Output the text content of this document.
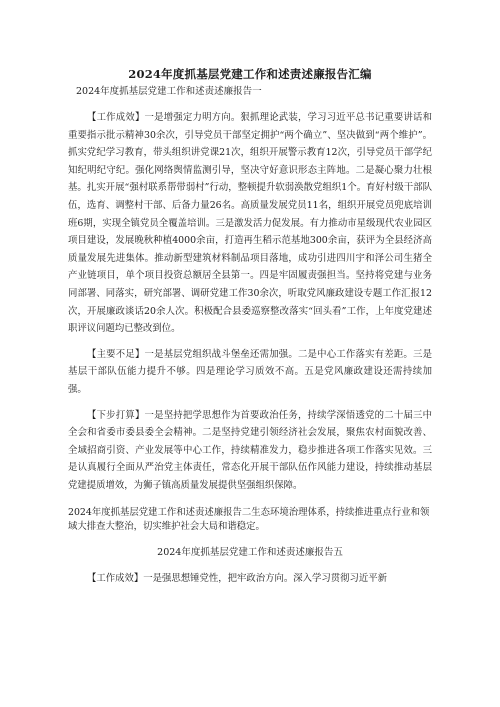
2024年度抓基层党建工作和述责述廉报告汇编

2024年度抓基层党建工作和述责述廉报告一

【工作成效】一是增强定力明方向。狠抓理论武装，学习习近平总书记重要讲话和重要指示批示精神30余次，引导党员干部坚定拥护“两个确立”、坚决做到“两个维护”。抓实党纪学习教育，带头组织讲党课21次，组织开展警示教育12次，引导党员干部学纪知纪明纪守纪。强化网络舆情监测引导，坚决守好意识形态主阵地。二是凝心聚力壮根基。扎实开展“强村联系帮带弱村”行动，整顿提升软弱涣散党组织1个。育好村级干部队伍，选育、调整村干部、后备力量26名。高质量发展党员11名，组织开展党员兜底培训班6期，实现全镇党员全覆盖培训。三是激发活力促发展。有力推动市星级现代农业园区项目建设，发展晚秋种植4000余亩，打造再生稻示范基地300余亩，获评为全县经济高质量发展先进集体。推动新型建筑材料制品项目落地，成功引进四川宇和泽公司生猪全产业链项目，单个项目投资总额居全县第一。四是牢固履责强担当。坚持将党建与业务同部署、同落实，研究部署、调研党建工作30余次，听取党风廉政建设专题工作汇报12次，开展廉政谈话20余人次。积极配合县委巡察整改落实“回头看”工作，上年度党建述职评议问题均已整改到位。

【主要不足】一是基层党组织战斗堡垒还需加强。二是中心工作落实有差距。三是基层干部队伍能力提升不够。四是理论学习质效不高。五是党风廉政建设还需持续加强。

【下步打算】一是坚持把学思想作为首要政治任务，持续学深悟透党的二十届三中全会和省委市委县委全会精神。二是坚持党建引领经济社会发展，聚焦农村面貌改善、全域招商引资、产业发展等中心工作，持续精准发力，稳步推进各项工作落实见效。三是认真履行全面从严治党主体责任，常态化开展干部队伍作风能力建设，持续推动基层党建提质增效，为狮子镇高质量发展提供坚强组织保障。

2024年度抓基层党建工作和述责述廉报告二生态环境治理体系，持续推进重点行业和领域大排查大整治，切实维护社会大局和谐稳定。

2024年度抓基层党建工作和述责述廉报告五

【工作成效】一是强思想锤党性，把牢政治方向。深入学习贯彻习近平新
